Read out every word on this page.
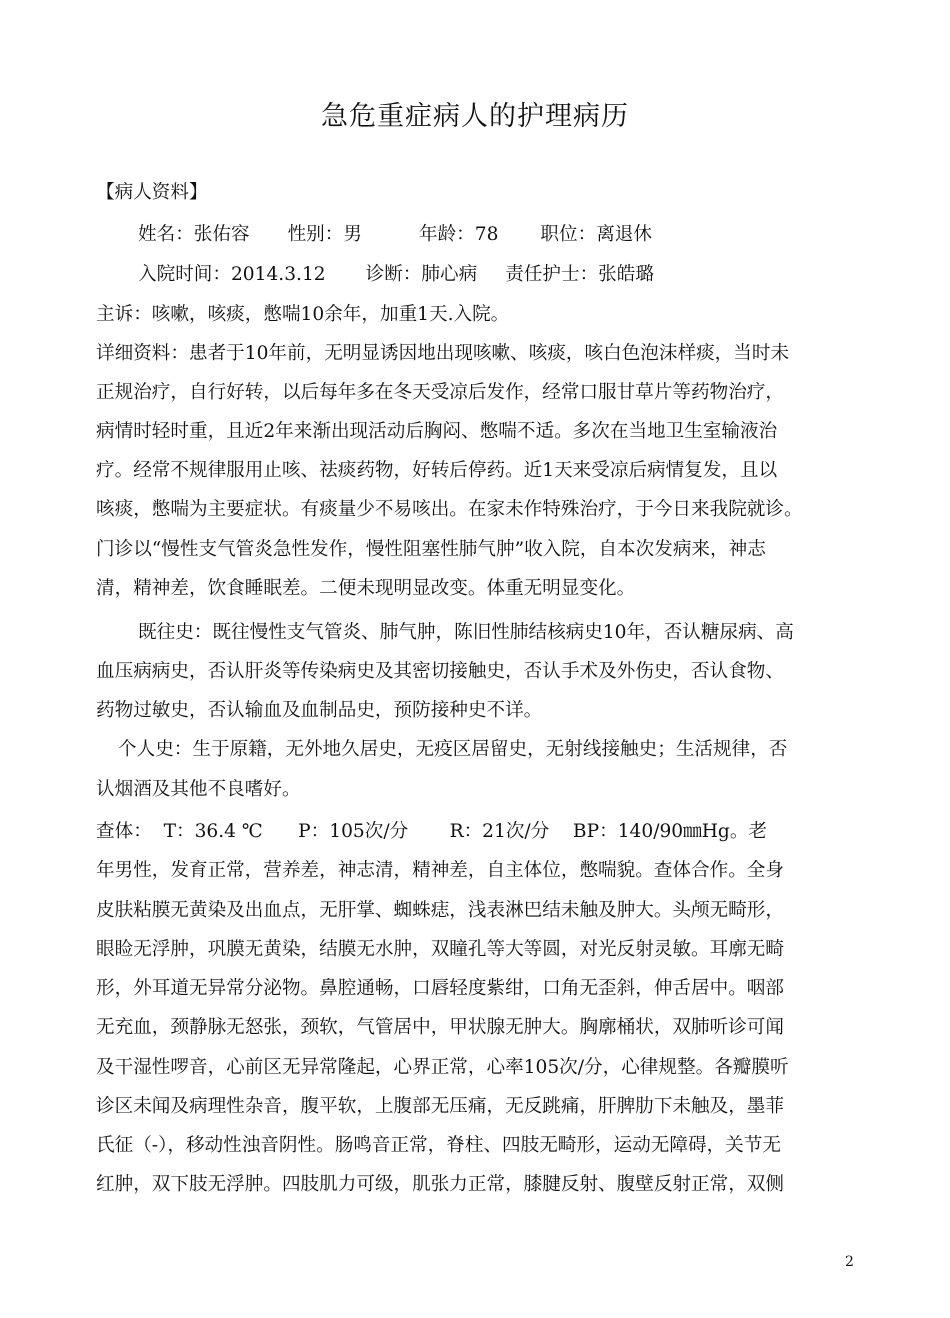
急危重症病人的护理病历
【病人资料】
姓名：张佑容 性别：男	年龄：78 职位：离退休
入院时间：2014.3.12 诊断：肺心病 责任护士：张皓璐
主诉：咳嗽，咳痰，憋喘10余年，加重1天.入院。
详细资料：患者于10年前，无明显诱因地出现咳嗽、咳痰，咳白色泡沫样痰，当时未
正规治疗，自行好转，以后每年多在冬天受凉后发作，经常口服甘草片等药物治疗，
病情时轻时重，且近2年来渐出现活动后胸闷、憋喘不适。多次在当地卫生室输液治
疗。经常不规律服用止咳、祛痰药物，好转后停药。近1天来受凉后病情复发，且以
咳痰，憋喘为主要症状。有痰量少不易咳出。在家未作特殊治疗，于今日来我院就诊。
门诊以“慢性支气管炎急性发作，慢性阻塞性肺气肿”收入院，自本次发病来，神志
清，精神差，饮食睡眠差。二便未现明显改变。体重无明显变化。
既往史：既往慢性支气管炎、肺气肿，陈旧性肺结核病史10年，否认糖尿病、高
血压病病史，否认肝炎等传染病史及其密切接触史，否认手术及外伤史，否认食物、
药物过敏史，否认输血及血制品史，预防接种史不详。
个人史：生于原籍，无外地久居史，无疫区居留史，无射线接触史；生活规律，否
认烟酒及其他不良嗜好。
查体：  T：36.4 ℃      P：105次/分       R：21次/分    BP：140/90㎜Hg。老
年男性，发育正常，营养差，神志清，精神差，自主体位，憋喘貌。查体合作。全身
皮肤粘膜无黄染及出血点，无肝掌、蜘蛛痣，浅表淋巴结未触及肿大。头颅无畸形，
眼睑无浮肿，巩膜无黄染，结膜无水肿，双瞳孔等大等圆，对光反射灵敏。耳廓无畸
形，外耳道无异常分泌物。鼻腔通畅，口唇轻度紫绀，口角无歪斜，伸舌居中。咽部
无充血，颈静脉无怒张，颈软，气管居中，甲状腺无肿大。胸廓桶状，双肺听诊可闻
及干湿性啰音，心前区无异常隆起，心界正常，心率105次/分，心律规整。各瓣膜听
诊区未闻及病理性杂音，腹平软，上腹部无压痛，无反跳痛，肝脾肋下未触及，墨菲
氏征（-），移动性浊音阴性。肠鸣音正常，脊柱、四肢无畸形，运动无障碍，关节无
红肿，双下肢无浮肿。四肢肌力可级，肌张力正常，膝腱反射、腹壁反射正常，双侧
2
